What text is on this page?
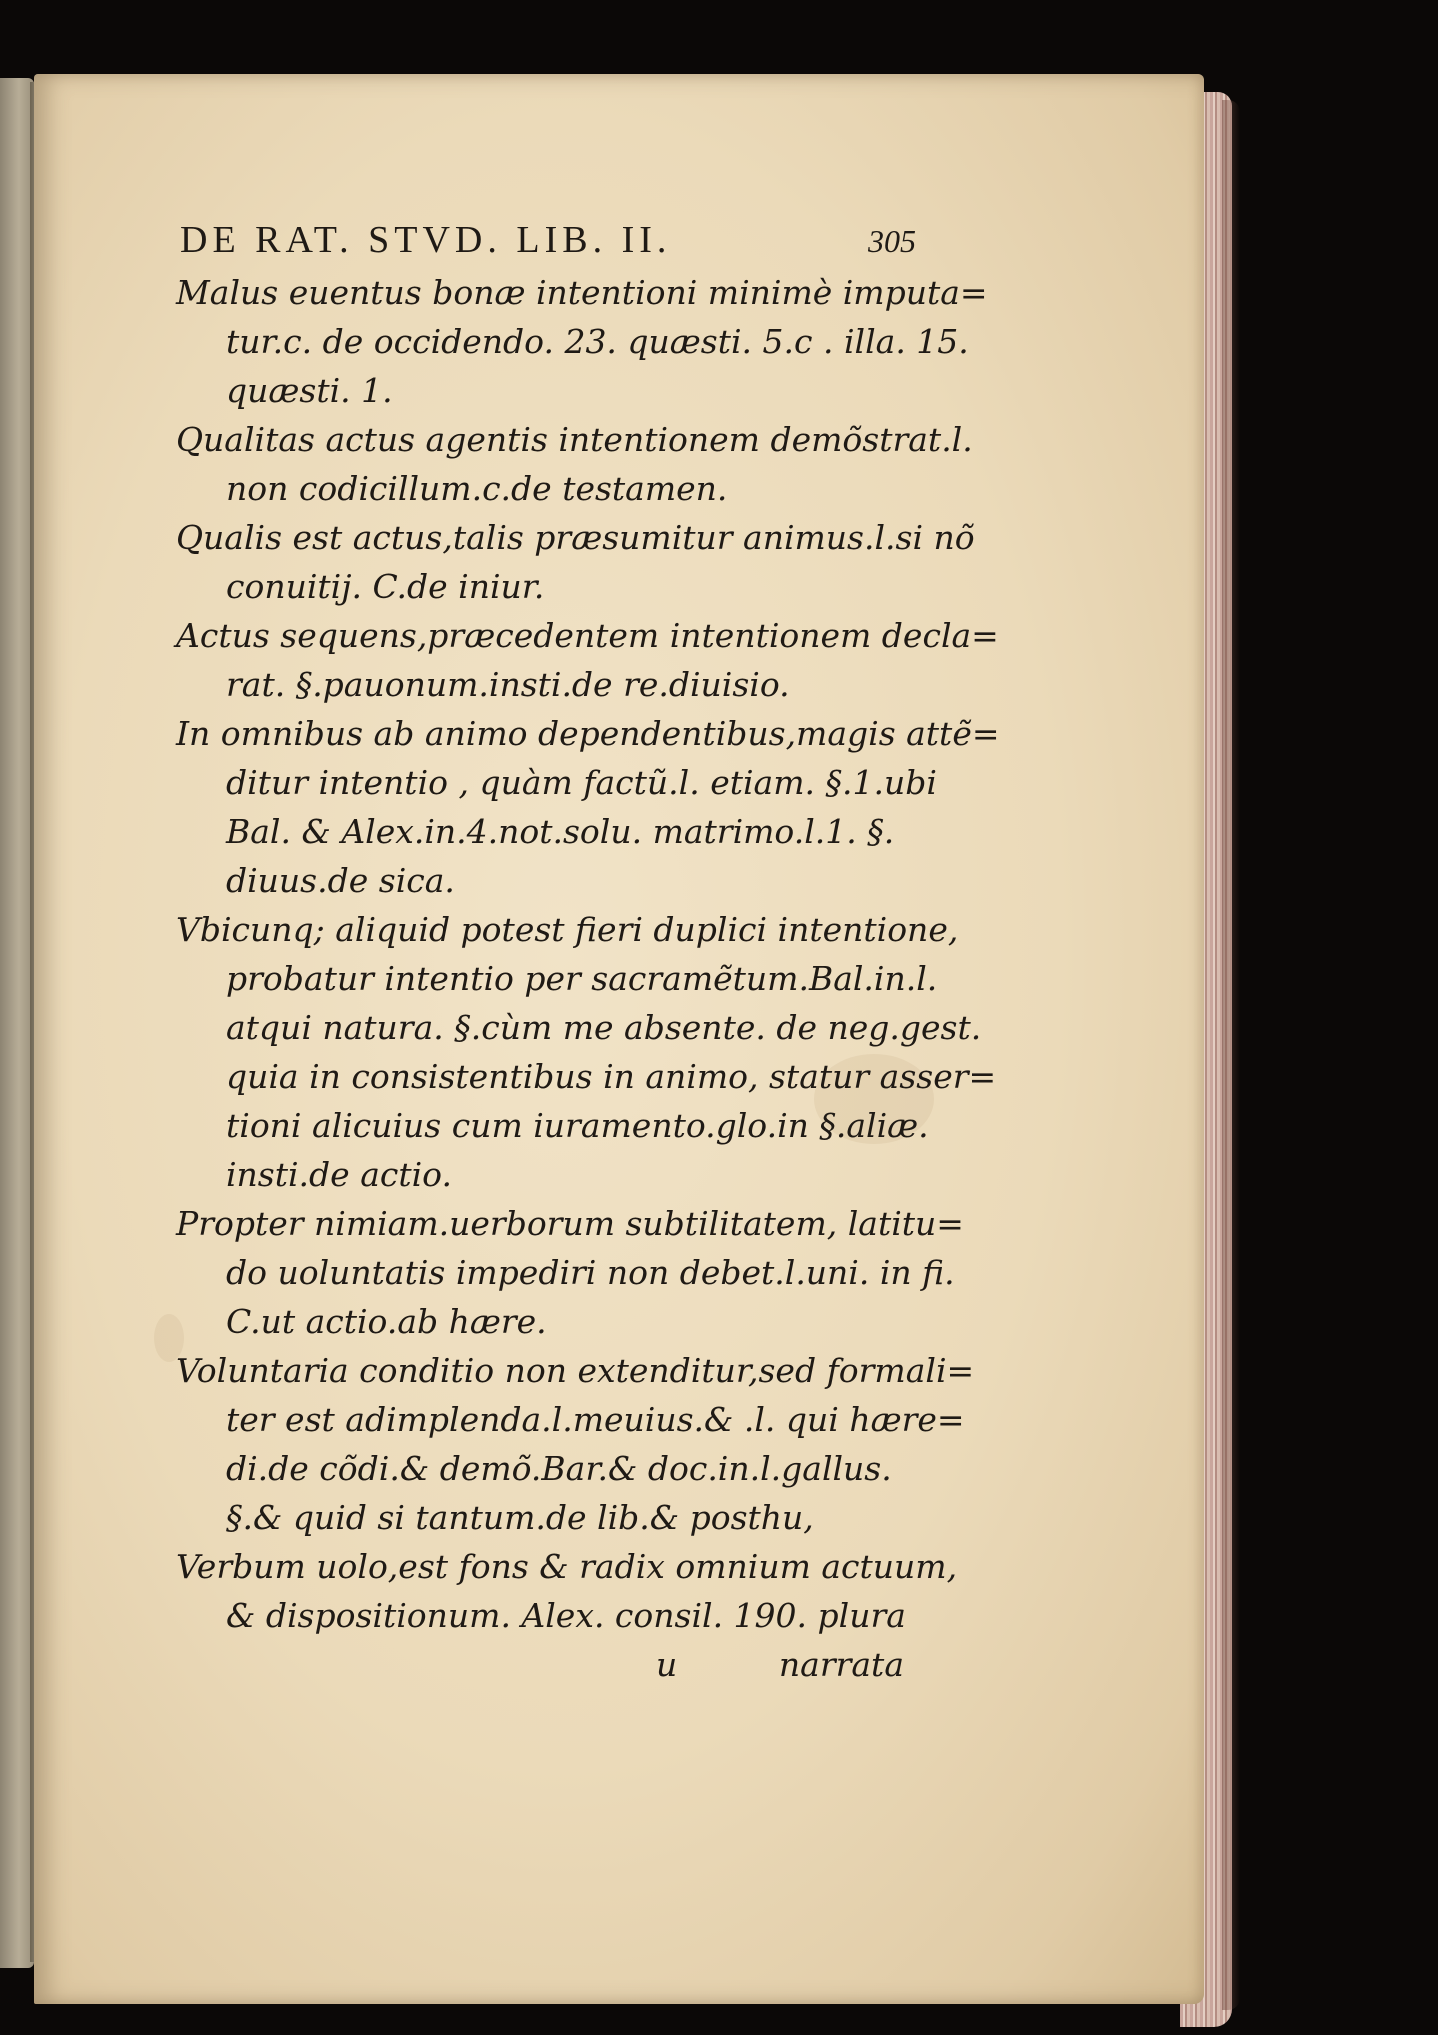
DE RAT. STVD. LIB. II.	305
Malus euentus bonæ intentioni minimè imputa=
tur.c. de occidendo. 23. quæsti. 5.c . illa. 15.
quæsti. 1.
Qualitas actus agentis intentionem demõstrat.l.
non codicillum.c.de testamen.
Qualis est actus,talis præsumitur animus.l.si nõ
conuitij. C.de iniur.
Actus sequens,præcedentem intentionem decla=
rat. §.pauonum.insti.de re.diuisio.
In omnibus ab animo dependentibus,magis attẽ=
ditur intentio , quàm factũ.l. etiam. §.1.ubi
Bal. & Alex.in.4.not.solu. matrimo.l.1. §.
diuus.de sica.
Vbicunq; aliquid potest fieri duplici intentione,
probatur intentio per sacramẽtum.Bal.in.l.
atqui natura. §.cùm me absente. de neg.gest.
quia in consistentibus in animo, statur asser=
tioni alicuius cum iuramento.glo.in §.aliæ.
insti.de actio.
Propter nimiam.uerborum subtilitatem, latitu=
do uoluntatis impediri non debet.l.uni. in fi.
C.ut actio.ab hære.
Voluntaria conditio non extenditur,sed formali=
ter est adimplenda.l.meuius.& .l. qui hære=
di.de cõdi.& demõ.Bar.& doc.in.l.gallus.
§.& quid si tantum.de lib.& posthu,
Verbum uolo,est fons & radix omnium actuum,
& dispositionum. Alex. consil. 190. plura
u	narrata
